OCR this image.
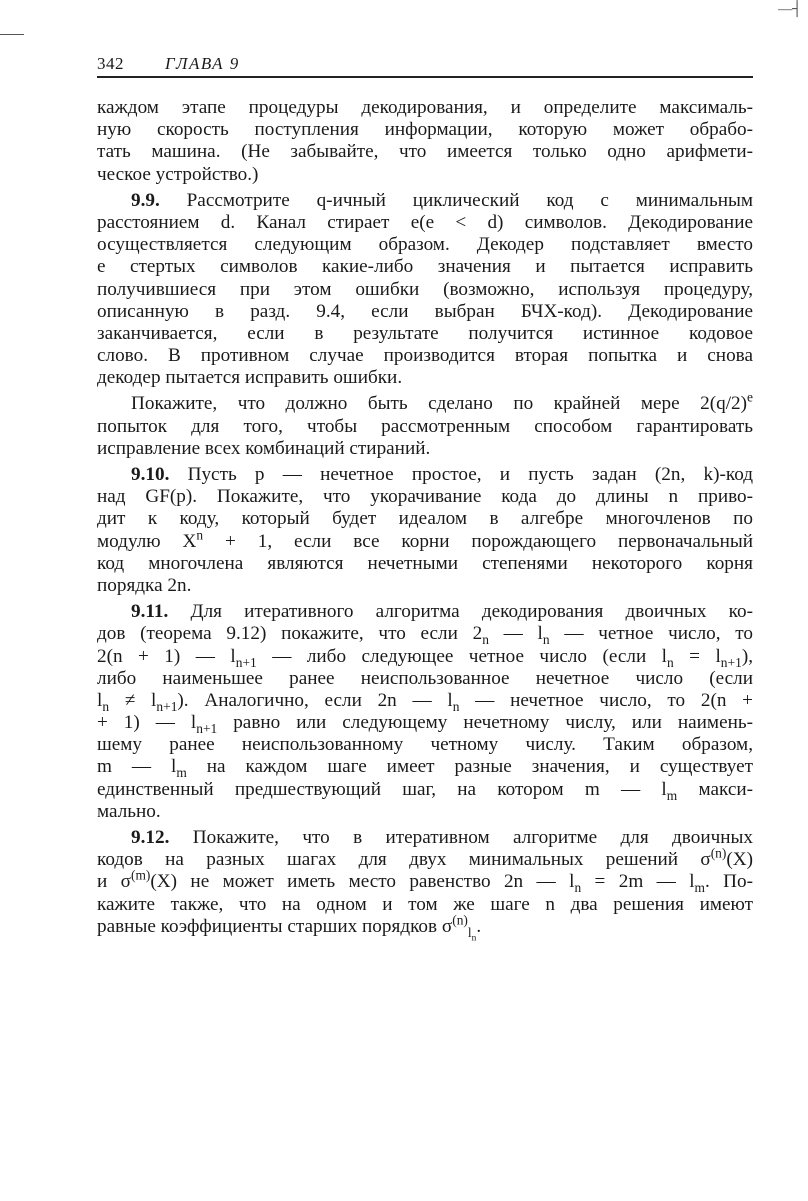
—┤
342 ГЛАВА 9
каждом этапе процедуры декодирования, и определите максималь-
ную скорость поступления информации, которую может обрабо-
тать машина. (Не забывайте, что имеется только одно арифмети-
ческое устройство.)
9.9. Рассмотрите q-ичный циклический код с минимальным
расстоянием d. Канал стирает e(e < d) символов. Декодирование
осуществляется следующим образом. Декодер подставляет вместо
e стертых символов какие-либо значения и пытается исправить
получившиеся при этом ошибки (возможно, используя процедуру,
описанную в разд. 9.4, если выбран БЧХ-код). Декодирование
заканчивается, если в результате получится истинное кодовое
слово. В противном случае производится вторая попытка и снова
декодер пытается исправить ошибки.
Покажите, что должно быть сделано по крайней мере $2(q/2)^e$
попыток для того, чтобы рассмотренным способом гарантировать
исправление всех комбинаций стираний.
9.10. Пусть p — нечетное простое, и пусть задан (2n, k)-код
над GF(p). Покажите, что укорачивание кода до длины n приво-
дит к коду, который будет идеалом в алгебре многочленов по
модулю $X^n + 1$, если все корни порождающего первоначальный
код многочлена являются нечетными степенями некоторого корня
порядка 2n.
9.11. Для итеративного алгоритма декодирования двоичных ко-
дов (теорема 9.12) покажите, что если $2_n$ — $l_n$ — четное число, то
2(n + 1) — $l_{n+1}$ — либо следующее четное число (если $l_n = l_{n+1}$),
либо наименьшее ранее неиспользованное нечетное число (если
$l_n \ne l_{n+1}$). Аналогично, если 2n — $l_n$ — нечетное число, то 2(n +
+ 1) — $l_{n+1}$ равно или следующему нечетному числу, или наимень-
шему ранее неиспользованному четному числу. Таким образом,
m — $l_m$ на каждом шаге имеет разные значения, и существует
единственный предшествующий шаг, на котором m — $l_m$ макси-
мально.
9.12. Покажите, что в итеративном алгоритме для двоичных
кодов на разных шагах для двух минимальных решений $\sigma^{(n)}(X)$
и $\sigma^{(m)}(X)$ не может иметь место равенство 2n — $l_n = 2m$ — $l_m$. По-
кажите также, что на одном и том же шаге n два решения имеют
равные коэффициенты старших порядков $\sigma^{(n)}_{l_n}$.
